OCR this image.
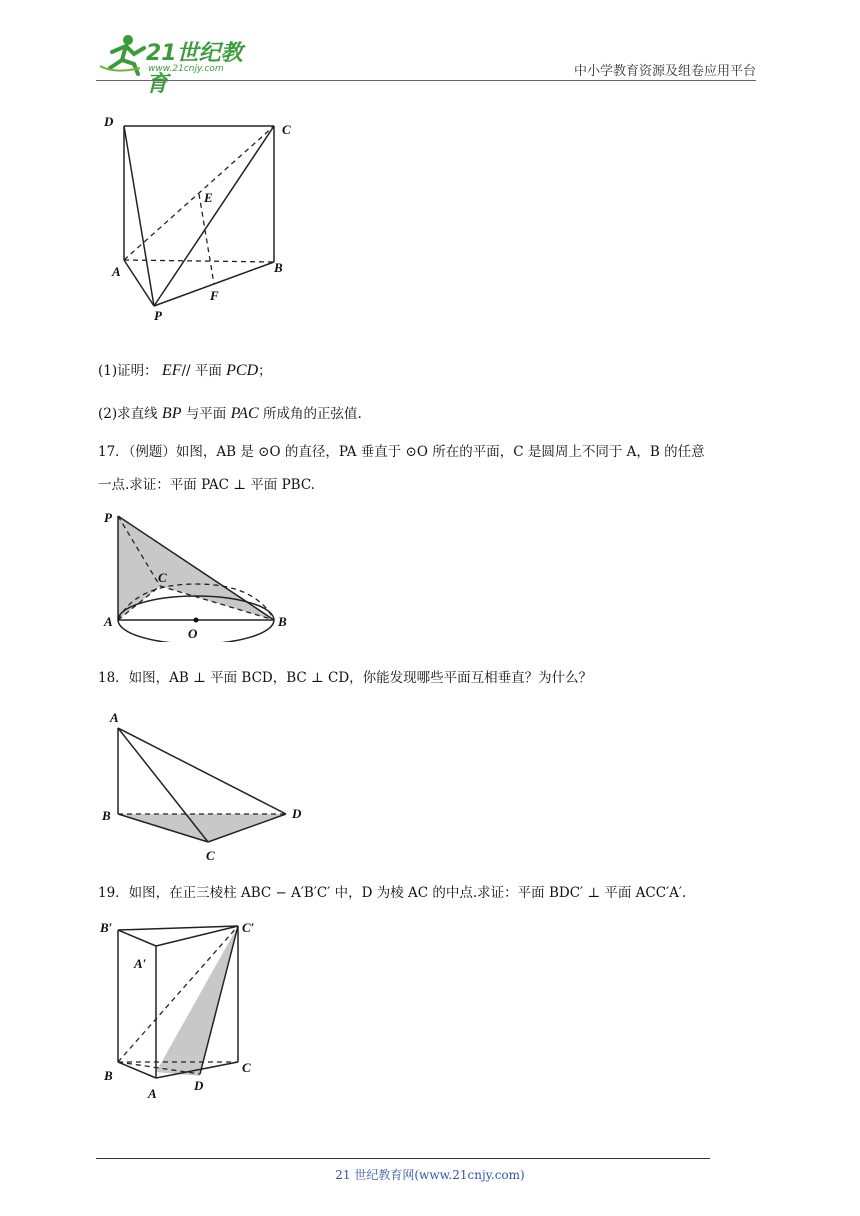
21世纪教育
www.21cnjy.com	中小学教育资源及组卷应用平台
D
C
E
A	B
F
P
(1)证明： EF// 平面 PCD；
(2)求直线 BP 与平面 PAC 所成角的正弦值.
17．（例题）如图，AB 是 ⊙O 的直径，PA 垂直于 ⊙O 所在的平面，C 是圆周上不同于 A，B 的任意
一点.求证：平面 PAC ⊥ 平面 PBC.
P
C
A
O
B
18．如图，AB ⊥ 平面 BCD，BC ⊥ CD，你能发现哪些平面互相垂直？为什么？
A
B	D
C
19．如图，在正三棱柱 ABC − A′B′C′ 中，D 为棱 AC 的中点.求证：平面 BDC′ ⊥ 平面 ACC′A′.
B′	C′
A′
B
C
A
D
21 世纪教育网(www.21cnjy.com)
